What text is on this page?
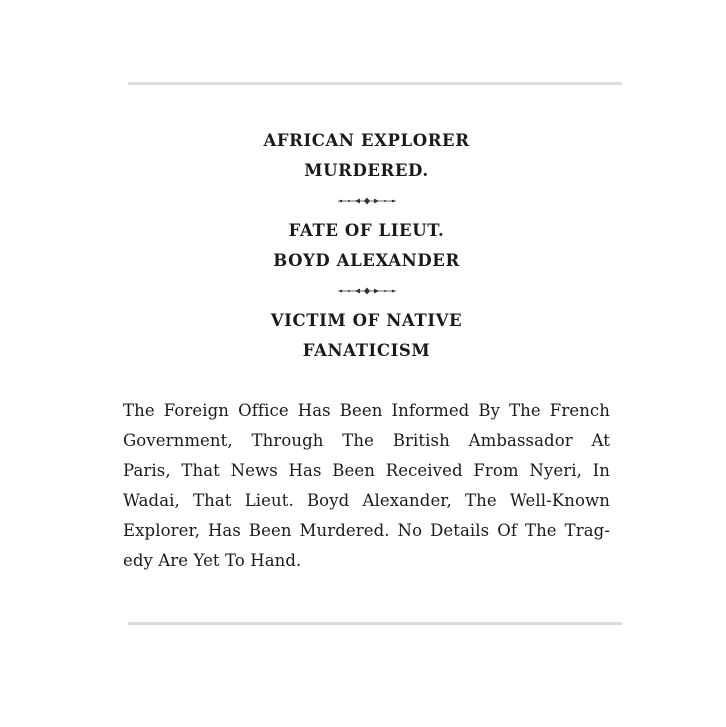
AFRICAN EXPLORER
MURDERED.
FATE OF LIEUT.
BOYD ALEXANDER
VICTIM OF NATIVE
FANATICISM
The Foreign Office Has Been Informed By The French
Government, Through The British Ambassador At
Paris, That News Has Been Received From Nyeri, In
Wadai, That Lieut. Boyd Alexander, The Well-Known
Explorer, Has Been Murdered. No Details Of The Trag-
edy Are Yet To Hand.
